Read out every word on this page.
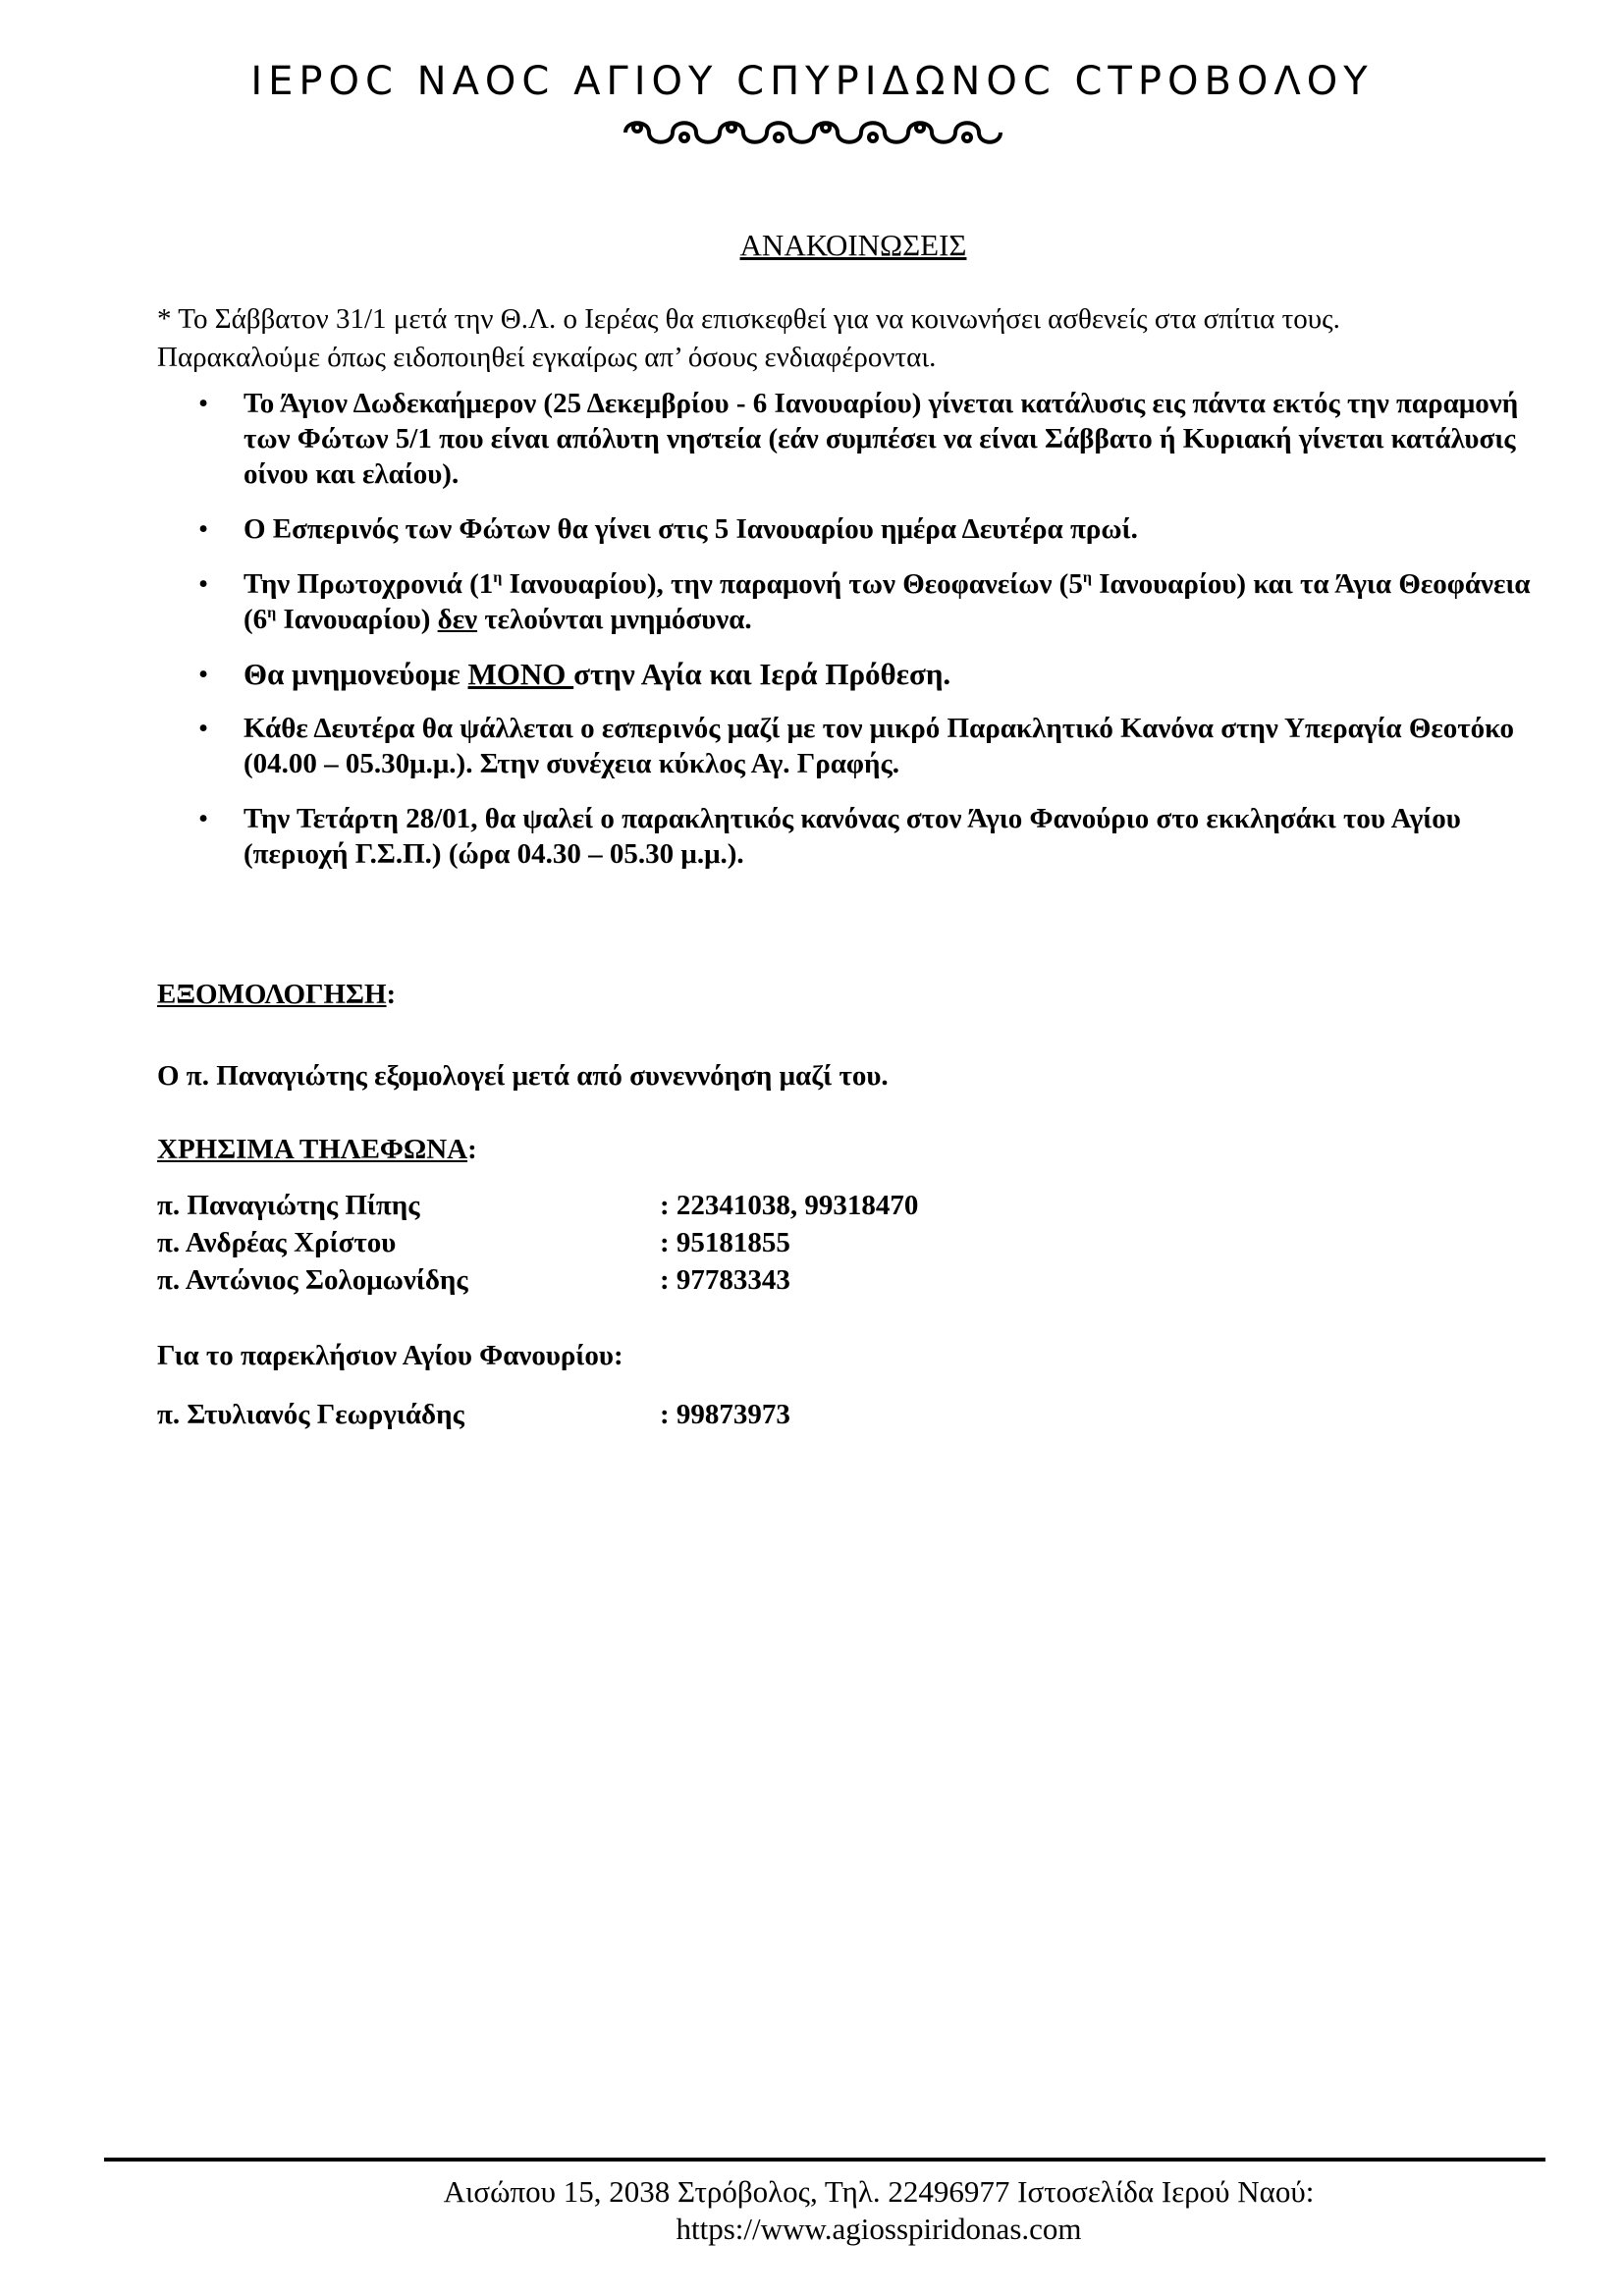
ΙΕΡΟC ΝΑΟC ΑΓΙΟΥ CΠΥΡΙΔΩΝΟC CΤΡΟΒΟΛΟΥ
ΑΝΑΚΟΙΝΩΣΕΙΣ
* Το Σάββατον 31/1 μετά την Θ.Λ. ο Ιερέας θα επισκεφθεί για να κοινωνήσει ασθενείς στα σπίτια τους.
Παρακαλούμε όπως ειδοποιηθεί εγκαίρως απ’ όσους ενδιαφέρονται.
• Το Άγιον Δωδεκαήμερον (25 Δεκεμβρίου - 6 Ιανουαρίου) γίνεται κατάλυσις εις πάντα εκτός την παραμονή των Φώτων 5/1 που είναι απόλυτη νηστεία (εάν συμπέσει να είναι Σάββατο ή Κυριακή γίνεται κατάλυσις οίνου και ελαίου).
• Ο Εσπερινός των Φώτων θα γίνει στις 5 Ιανουαρίου ημέρα Δευτέρα πρωί.
• Την Πρωτοχρονιά ($1^\eta$ Ιανουαρίου), την παραμονή των Θεοφανείων ($5^\eta$ Ιανουαρίου) και τα Άγια Θεοφάνεια ($6^\eta$ Ιανουαρίου) δεν τελούνται μνημόσυνα.
• Θα μνημονεύομε ΜΟΝΟ στην Αγία και Ιερά Πρόθεση.
• Κάθε Δευτέρα θα ψάλλεται ο εσπερινός μαζί με τον μικρό Παρακλητικό Κανόνα στην Υπεραγία Θεοτόκο (04.00 – 05.30μ.μ.). Στην συνέχεια κύκλος Αγ. Γραφής.
• Την Τετάρτη 28/01, θα ψαλεί ο παρακλητικός κανόνας στον Άγιο Φανούριο στο εκκλησάκι του Αγίου (περιοχή Γ.Σ.Π.) (ώρα 04.30 – 05.30 μ.μ.).
ΕΞΟΜΟΛΟΓΗΣΗ:
Ο π. Παναγιώτης εξομολογεί μετά από συνεννόηση μαζί του.
ΧΡΗΣΙΜΑ ΤΗΛΕΦΩΝΑ:
π. Παναγιώτης Πίπης	: 22341038, 99318470
π. Ανδρέας Χρίστου	: 95181855
π. Αντώνιος Σολομωνίδης	: 97783343
Για το παρεκλήσιον Αγίου Φανουρίου:
π. Στυλιανός Γεωργιάδης	: 99873973
Αισώπου 15, 2038 Στρόβολος, Τηλ. 22496977 Ιστοσελίδα Ιερού Ναού:
https://www.agiosspiridonas.com
